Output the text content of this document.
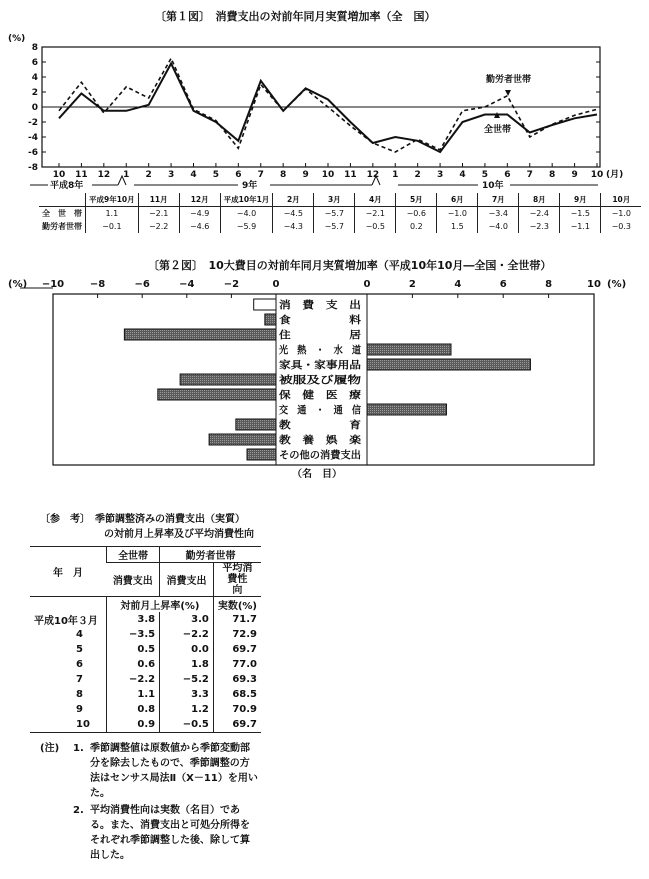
〔第１図〕　消費支出の対前年同月実質増加率（全　国）
(%)
(月)
勤労者世帯
全世帯
平成8年	9年	10年
8
6
4
2
0
-2
-4
-6
-8
10 11 12 1 2 3 4 5 6 7 8 9 10 11 12 1 2 3 4 5 6 7 8 9 10
	平成9年10月	11月	12月	平成10年1月	2月	3月	4月	5月	6月	7月	8月	9月	10月
全　世　帯	1.1	−2.1	−4.9	−4.0	−4.5	−5.7	−2.1	−0.6	−1.0	−3.4	−2.4	−1.5	−1.0
勤労者世帯	−0.1	−2.2	−4.6	−5.9	−4.3	−5.7	−0.5	0.2	1.5	−4.0	−2.3	−1.1	−0.3
〔第２図〕　10大費目の対前年同月実質増加率（平成10年10月―全国・全世帯）
(%)	(%)
（名　目）
−10	−8	−6	−4	−2	0	0	2	4	6	8	10
消　費　支　出
食　　　　　料
住　　　　　居
光　熱　・　水　道
家具・家事用品
被服及び履物
保　健　医　療
交　通　・　通　信
教　　　　　育
教　養　娯　楽
その他の消費支出
〔参　考〕　季節調整済みの消費支出（実質）
の対前月上昇率及び平均消費性向
年　月	全世帯	勤労者世帯	
	消費支出	消費支出	平均消費性　向
	対前月上昇率(%)		実数(%)
平成10年３月	3.8	3.0	71.7
4	−3.5	−2.2	72.9
5	0.5	0.0	69.7
6	0.6	1.8	77.0
7	−2.2	−5.2	69.3
8	1.1	3.3	68.5
9	0.8	1.2	70.9
10	0.9	−0.5	69.7
(注) 1. 季節調整値は原数値から季節変動部
分を除去したもので、季節調整の方
法はセンサス局法Ⅱ（X－11）を用い
た。
2. 平均消費性向は実数（名目）であ
る。また、消費支出と可処分所得を
それぞれ季節調整した後、除して算
出した。
